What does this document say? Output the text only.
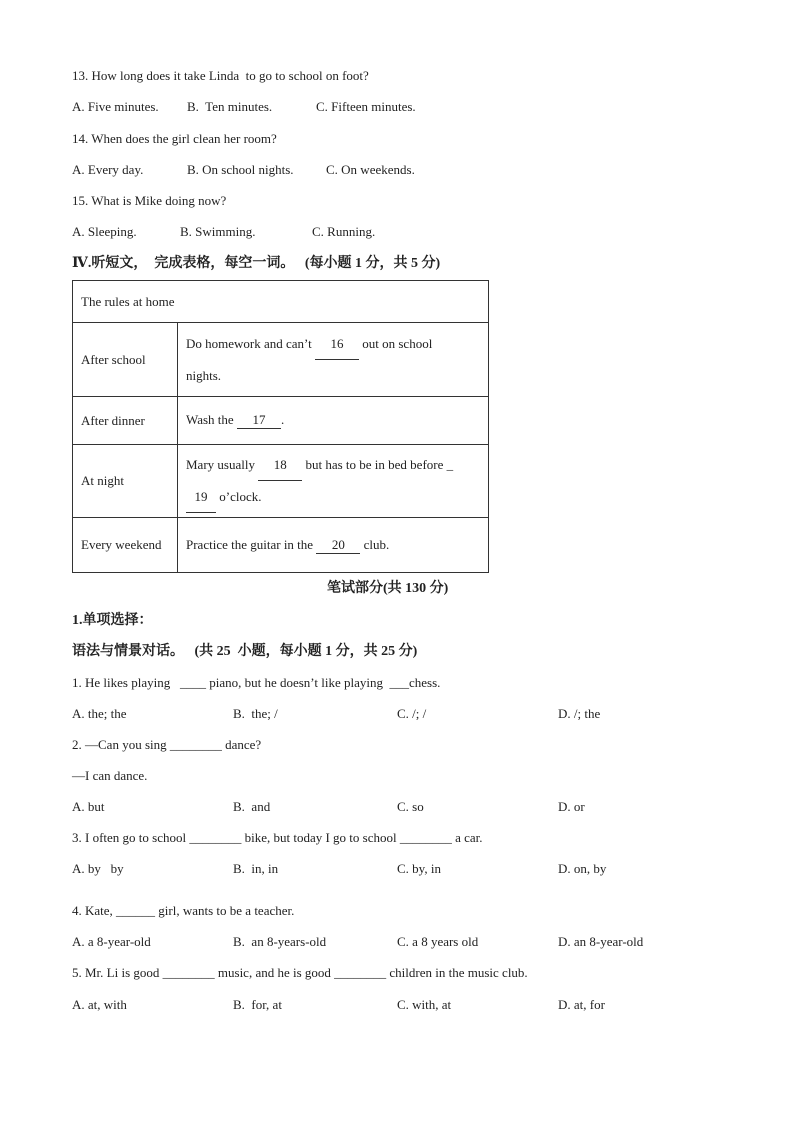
13. How long does it take Linda  to go to school on foot?
A. Five minutes. B.  Ten minutes.	C. Fifteen minutes.
14. When does the girl clean her room?
A. Every day.	B. On school nights. C. On weekends.
15. What is Mike doing now?
A. Sleeping.	B. Swimming.	C. Running.
Ⅳ.听短文，  完成表格，每空一词。   (每小题 1 分，共 5 分)
The rules at home	
After school	Do homework and can’t 16 out on school
nights.
After dinner	Wash the 17 .
At night	Mary usually 18 but has to be in bed before _
19 o’clock.
Every weekend	Practice the guitar in the 20 club.
笔试部分(共 130 分)
1.单项选择：
语法与情景对话。   (共 25  小题，每小题 1 分，共 25 分)
1. He likes playing   ____ piano, but he doesn’t like playing  ___chess.
A. the; the	B.  the; /	C. /; /	D. /; the
2. —Can you sing ________ dance?
—I can dance.
A. but	B.  and	C. so	D. or
3. I often go to school ________ bike, but today I go to school ________ a car.
A. by   by	B.  in, in	C. by, in	D. on, by
4. Kate, ______ girl, wants to be a teacher.
A. a 8-year-old	B.  an 8-years-old	C. a 8 years old	D. an 8-year-old
5. Mr. Li is good ________ music, and he is good ________ children in the music club.
A. at, with	B.  for, at	C. with, at	D. at, for
